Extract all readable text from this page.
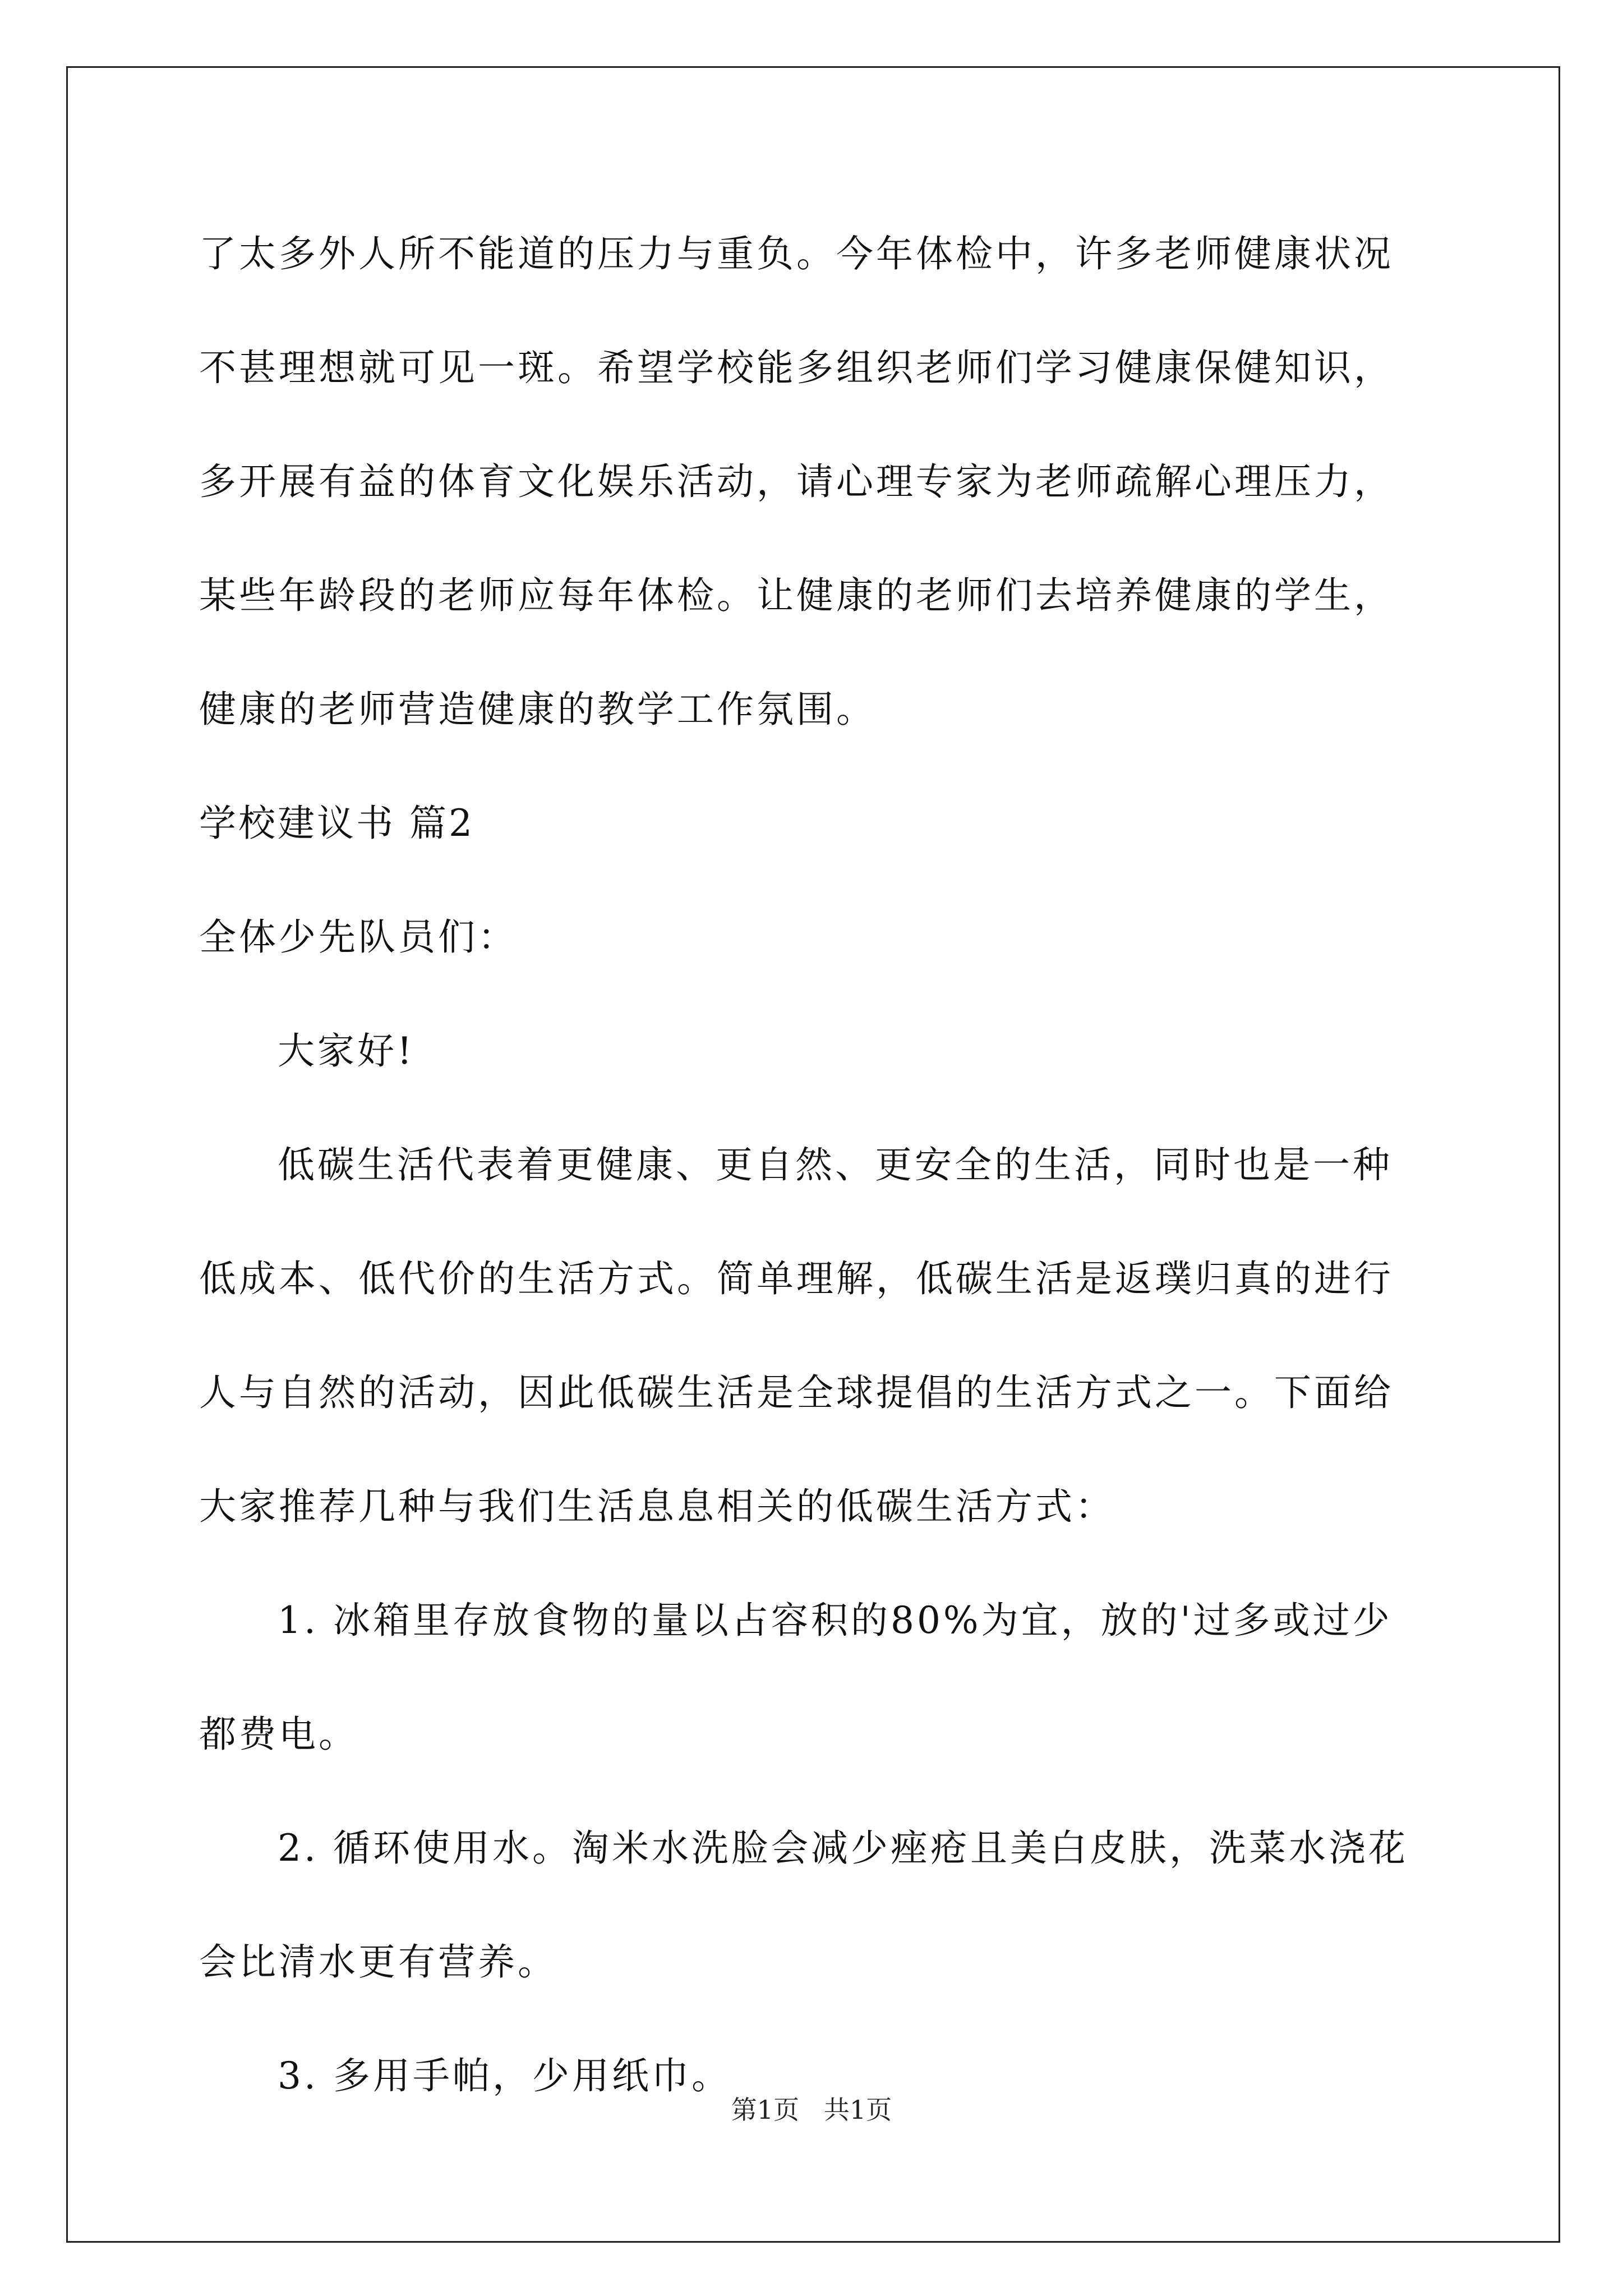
了太多外人所不能道的压力与重负。今年体检中，许多老师健康状况
不甚理想就可见一斑。希望学校能多组织老师们学习健康保健知识，
多开展有益的体育文化娱乐活动，请心理专家为老师疏解心理压力，
某些年龄段的老师应每年体检。让健康的老师们去培养健康的学生，
健康的老师营造健康的教学工作氛围。
学校建议书 篇2
全体少先队员们：
大家好!
低碳生活代表着更健康、更自然、更安全的生活，同时也是一种
低成本、低代价的生活方式。简单理解，低碳生活是返璞归真的进行
人与自然的活动，因此低碳生活是全球提倡的生活方式之一。下面给
大家推荐几种与我们生活息息相关的低碳生活方式：
1. 冰箱里存放食物的量以占容积的80%为宜，放的'过多或过少
都费电。
2. 循环使用水。淘米水洗脸会减少痤疮且美白皮肤，洗菜水浇花
会比清水更有营养。
3. 多用手帕，少用纸巾。
第1页   共1页
